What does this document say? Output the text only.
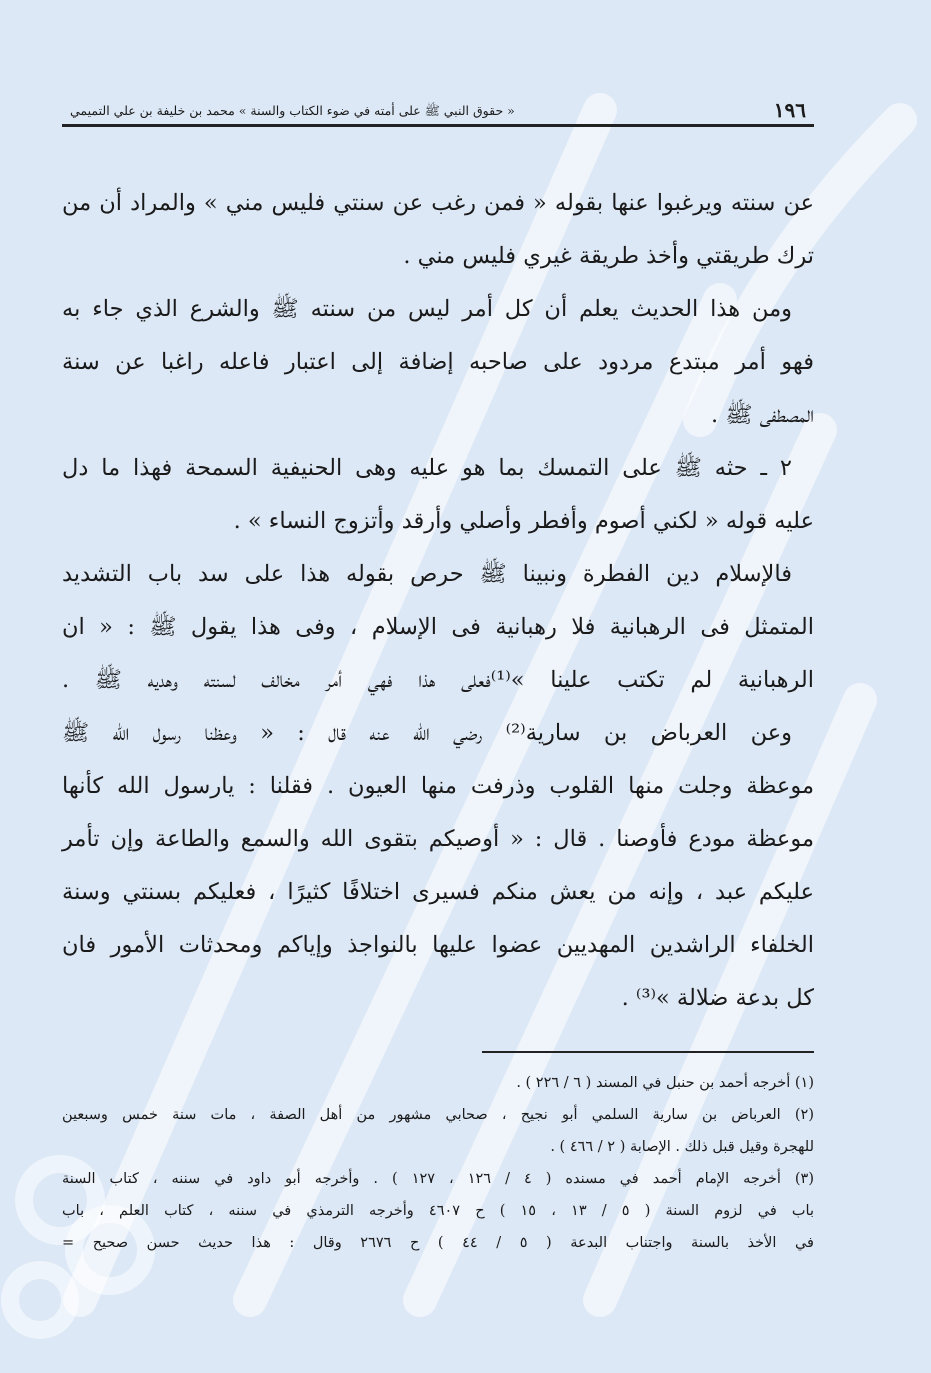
١٩٦
« حقوق النبي ﷺ على أمته في ضوء الكتاب والسنة » محمد بن خليفة بن علي التميمي
عن سنته ويرغبوا عنها بقوله « فمن رغب عن سنتي فليس مني » والمراد أن من
ترك طريقتي وأخذ طريقة غيري فليس مني .
ومن هذا الحديث يعلم أن كل أمر ليس من سنته ﷺ والشرع الذي جاء به
فهو أمر مبتدع مردود على صاحبه إضافة إلى اعتبار فاعله راغبا عن سنة
المصطفى ﷺ .
٢ ـ حثه ﷺ على التمسك بما هو عليه وهى الحنيفية السمحة فهذا ما دل
عليه قوله « لكني أصوم وأفطر وأصلي وأرقد وأتزوج النساء » .
فالإسلام دين الفطرة ونبينا ﷺ حرص بقوله هذا على سد باب التشديد
المتمثل فى الرهبانية فلا رهبانية فى الإسلام ، وفى هذا يقول ﷺ : « ان
الرهبانية لم تكتب علينا »⁽¹⁾فعلى هذا فهي أمر مخالف لسنته وهديه ﷺ .
وعن العرباض بن سارية⁽²⁾ رضي الله عنه قال : « وعظنا رسول الله ﷺ
موعظة وجلت منها القلوب وذرفت منها العيون . فقلنا : يارسول الله كأنها
موعظة مودع فأوصنا . قال : « أوصيكم بتقوى الله والسمع والطاعة وإن تأمر
عليكم عبد ، وإنه من يعش منكم فسيرى اختلافًا كثيرًا ، فعليكم بسنتي وسنة
الخلفاء الراشدين المهديين عضوا عليها بالنواجذ وإياكم ومحدثات الأمور فان
كل بدعة ضلالة »⁽³⁾ .
(١) أخرجه أحمد بن حنبل في المسند ( ٦ / ٢٢٦ ) .
(٢) العرباض بن سارية السلمي أبو نجيح ، صحابي مشهور من أهل الصفة ، مات سنة خمس وسبعين
للهجرة وقيل قبل ذلك . الإصابة ( ٢ / ٤٦٦ ) .
(٣) أخرجه الإمام أحمد في مسنده ( ٤ / ١٢٦ ، ١٢٧ ) . وأخرجه أبو داود في سننه ، كتاب السنة
باب في لزوم السنة ( ٥ / ١٣ ، ١٥ ) ح ٤٦٠٧ وأخرجه الترمذي في سننه ، كتاب العلم ، باب
في الأخذ بالسنة واجتناب البدعة ( ٥ / ٤٤ ) ح ٢٦٧٦ وقال : هذا حديث حسن صحيح =
